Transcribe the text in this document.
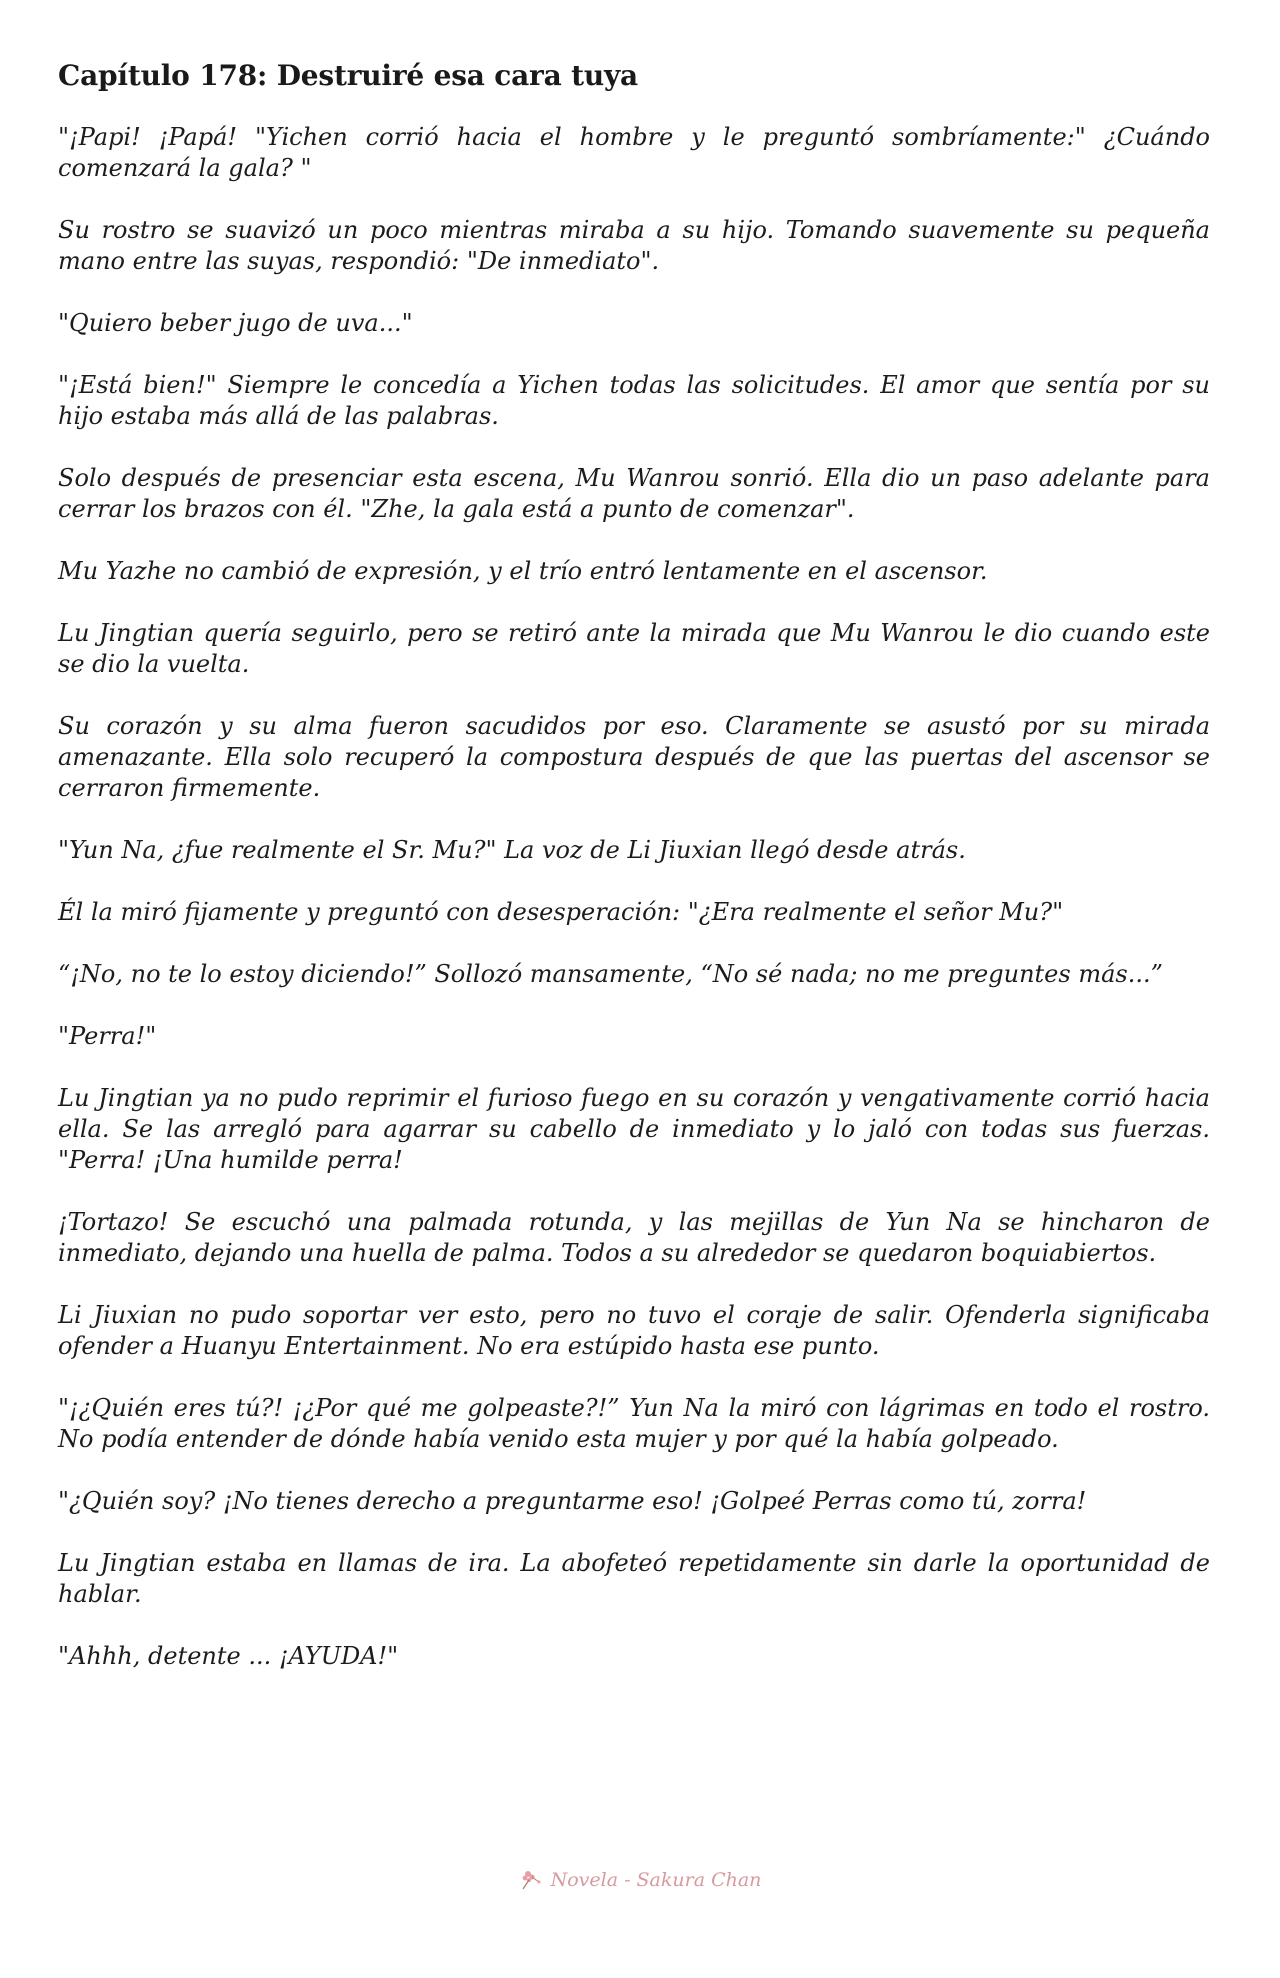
Capítulo 178: Destruiré esa cara tuya

"¡Papi! ¡Papá! "Yichen corrió hacia el hombre y le preguntó sombríamente:" ¿Cuándo comenzará la gala? "

Su rostro se suavizó un poco mientras miraba a su hijo. Tomando suavemente su pequeña mano entre las suyas, respondió: "De inmediato".

"Quiero beber jugo de uva..."

"¡Está bien!" Siempre le concedía a Yichen todas las solicitudes. El amor que sentía por su hijo estaba más allá de las palabras.

Solo después de presenciar esta escena, Mu Wanrou sonrió. Ella dio un paso adelante para cerrar los brazos con él. "Zhe, la gala está a punto de comenzar".

Mu Yazhe no cambió de expresión, y el trío entró lentamente en el ascensor.

Lu Jingtian quería seguirlo, pero se retiró ante la mirada que Mu Wanrou le dio cuando este se dio la vuelta.

Su corazón y su alma fueron sacudidos por eso. Claramente se asustó por su mirada amenazante. Ella solo recuperó la compostura después de que las puertas del ascensor se cerraron firmemente.

"Yun Na, ¿fue realmente el Sr. Mu?" La voz de Li Jiuxian llegó desde atrás.

Él la miró fijamente y preguntó con desesperación: "¿Era realmente el señor Mu?"

“¡No, no te lo estoy diciendo!” Sollozó mansamente, “No sé nada; no me preguntes más...”

"Perra!"

Lu Jingtian ya no pudo reprimir el furioso fuego en su corazón y vengativamente corrió hacia ella. Se las arregló para agarrar su cabello de inmediato y lo jaló con todas sus fuerzas. "Perra! ¡Una humilde perra!

¡Tortazo! Se escuchó una palmada rotunda, y las mejillas de Yun Na se hincharon de inmediato, dejando una huella de palma. Todos a su alrededor se quedaron boquiabiertos.

Li Jiuxian no pudo soportar ver esto, pero no tuvo el coraje de salir. Ofenderla significaba ofender a Huanyu Entertainment. No era estúpido hasta ese punto.

"¡¿Quién eres tú?! ¡¿Por qué me golpeaste?!” Yun Na la miró con lágrimas en todo el rostro. No podía entender de dónde había venido esta mujer y por qué la había golpeado.

"¿Quién soy? ¡No tienes derecho a preguntarme eso! ¡Golpeé Perras como tú, zorra!

Lu Jingtian estaba en llamas de ira. La abofeteó repetidamente sin darle la oportunidad de hablar.

"Ahhh, detente ... ¡AYUDA!"

Novela - Sakura Chan
